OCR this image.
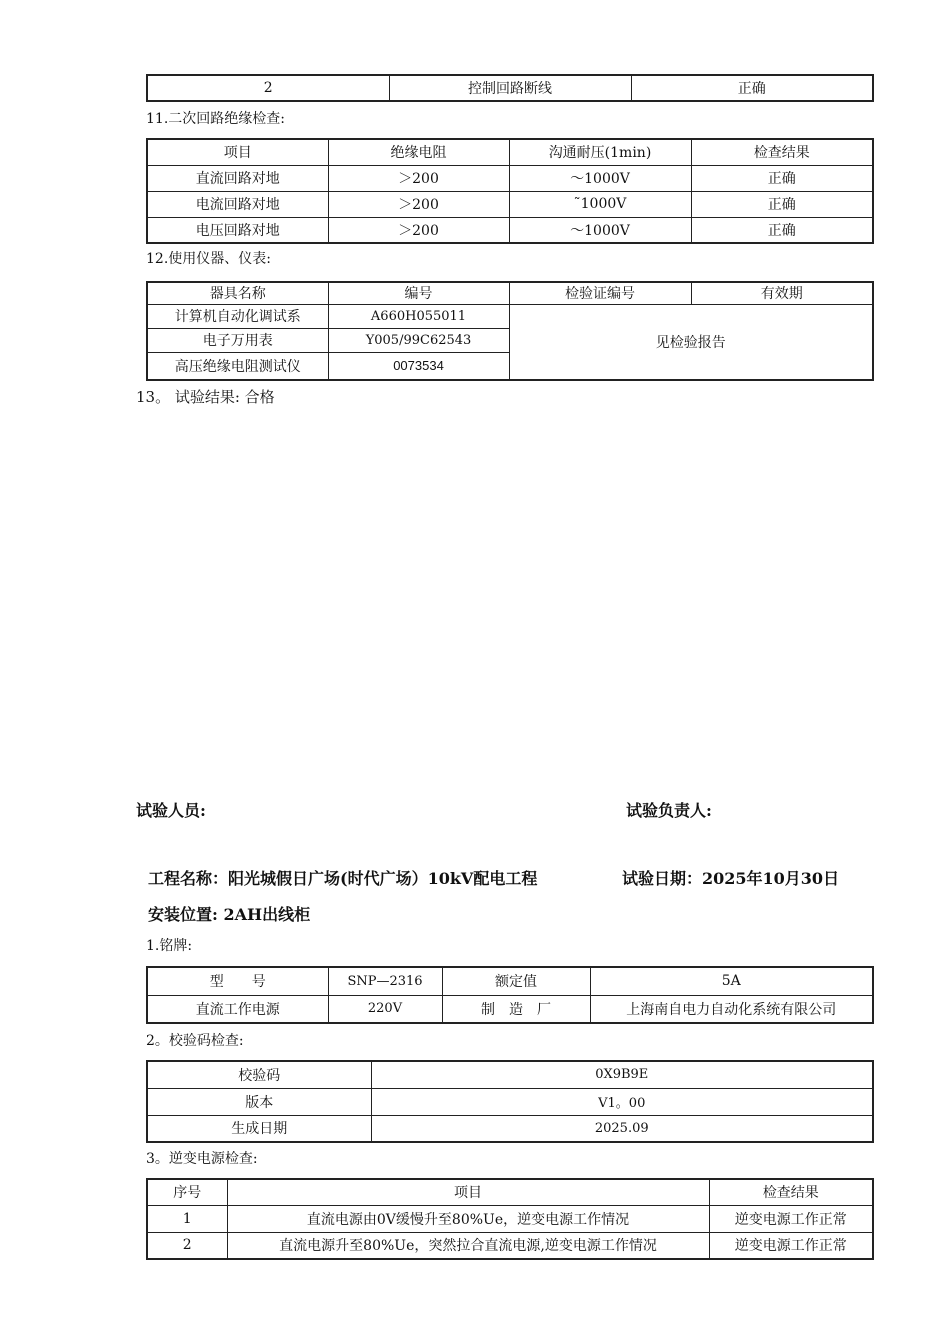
2	控制回路断线	正确
11.二次回路绝缘检查:
项目	绝缘电阻	沟通耐压(1min)	检查结果
直流回路对地	＞200	～1000V	正确
电流回路对地	＞200	˜1000V	正确
电压回路对地	＞200	～1000V	正确
12.使用仪器、仪表:
器具名称	编号	检验证编号	有效期
计算机自动化调试系	A660H055011	见检验报告	
电子万用表	Y005/99C62543		
高压绝缘电阻测试仪	0073534		
13。 试验结果: 合格
试验人员:	试验负责人:
工程名称：阳光城假日广场(时代广场）10kV配电工程	试验日期：2025年10月30日
安装位置: 2AH出线柜
1.铭牌:
型　　号	SNP—2316	额定值	5A
直流工作电源	220V	制　造　厂	上海南自电力自动化系统有限公司
2。校验码检查:
校验码	0X9B9E
版本	V1。00
生成日期	2025.09
3。逆变电源检查:
序号	项目	检查结果
1	直流电源由0V缓慢升至80%Ue，逆变电源工作情况	逆变电源工作正常
2	直流电源升至80%Ue，突然拉合直流电源,逆变电源工作情况	逆变电源工作正常
